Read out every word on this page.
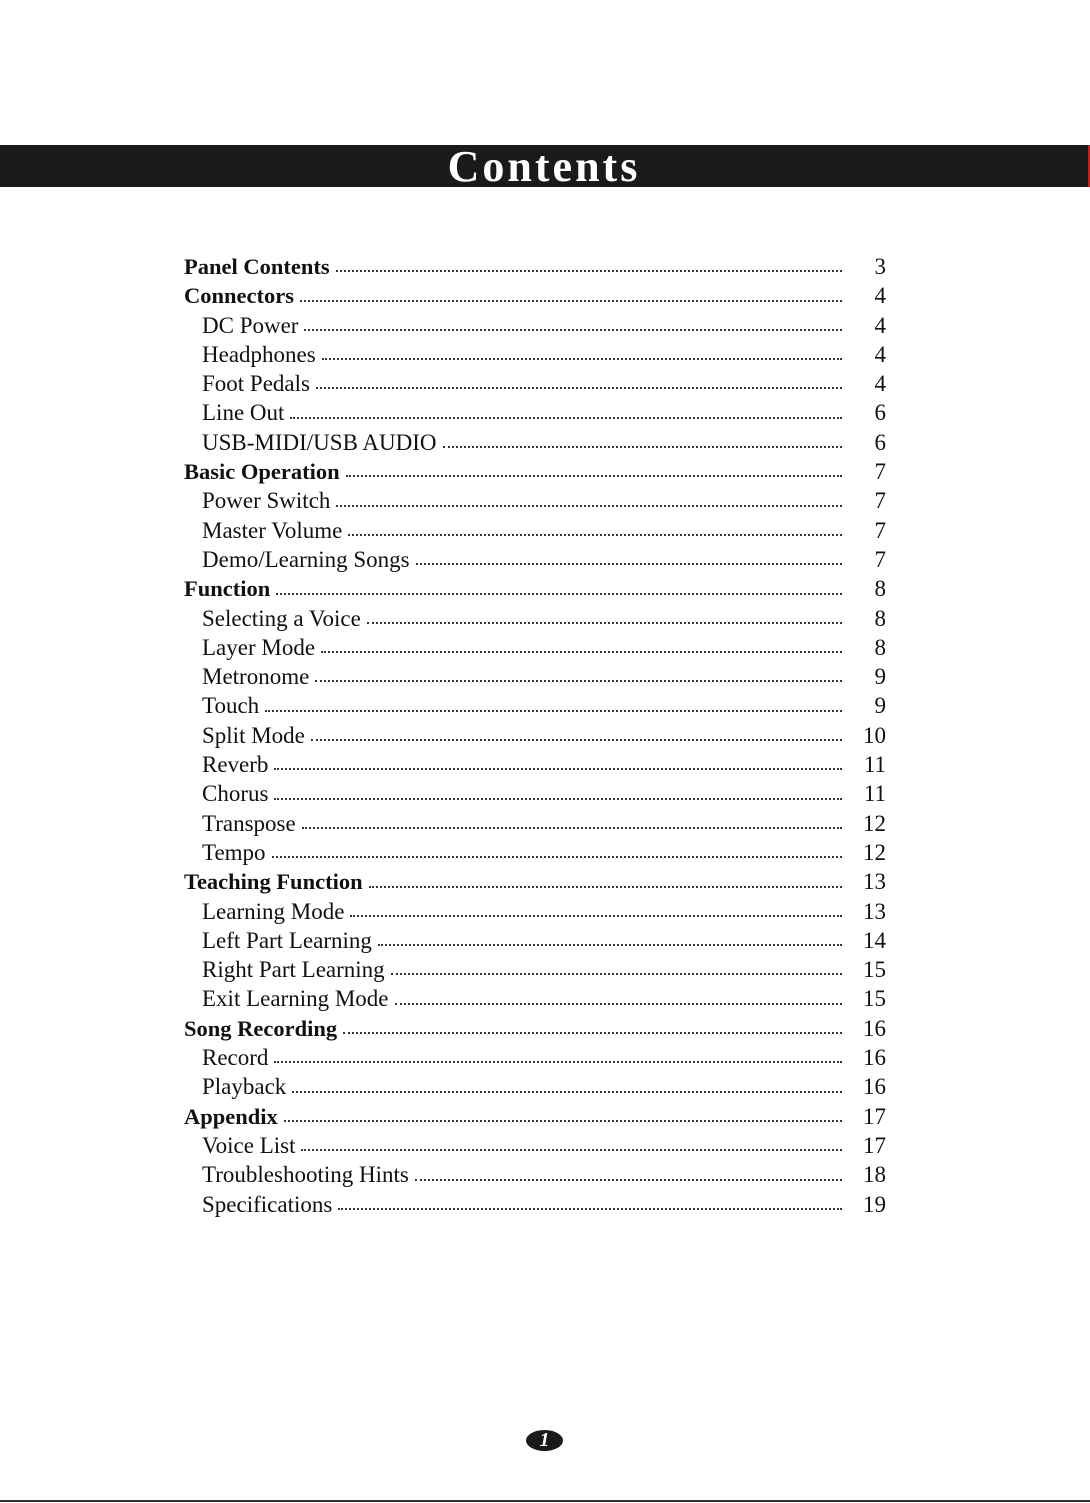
Contents
Panel Contents	3
Connectors	4
DC Power	4
Headphones	4
Foot Pedals	4
Line Out	6
USB-MIDI/USB AUDIO	6
Basic Operation	7
Power Switch	7
Master Volume	7
Demo/Learning Songs	7
Function	8
Selecting a Voice	8
Layer Mode	8
Metronome	9
Touch	9
Split Mode	10
Reverb	11
Chorus	11
Transpose	12
Tempo	12
Teaching Function	13
Learning Mode	13
Left Part Learning	14
Right Part Learning	15
Exit Learning Mode	15
Song Recording	16
Record	16
Playback	16
Appendix	17
Voice List	17
Troubleshooting Hints	18
Specifications	19
1
